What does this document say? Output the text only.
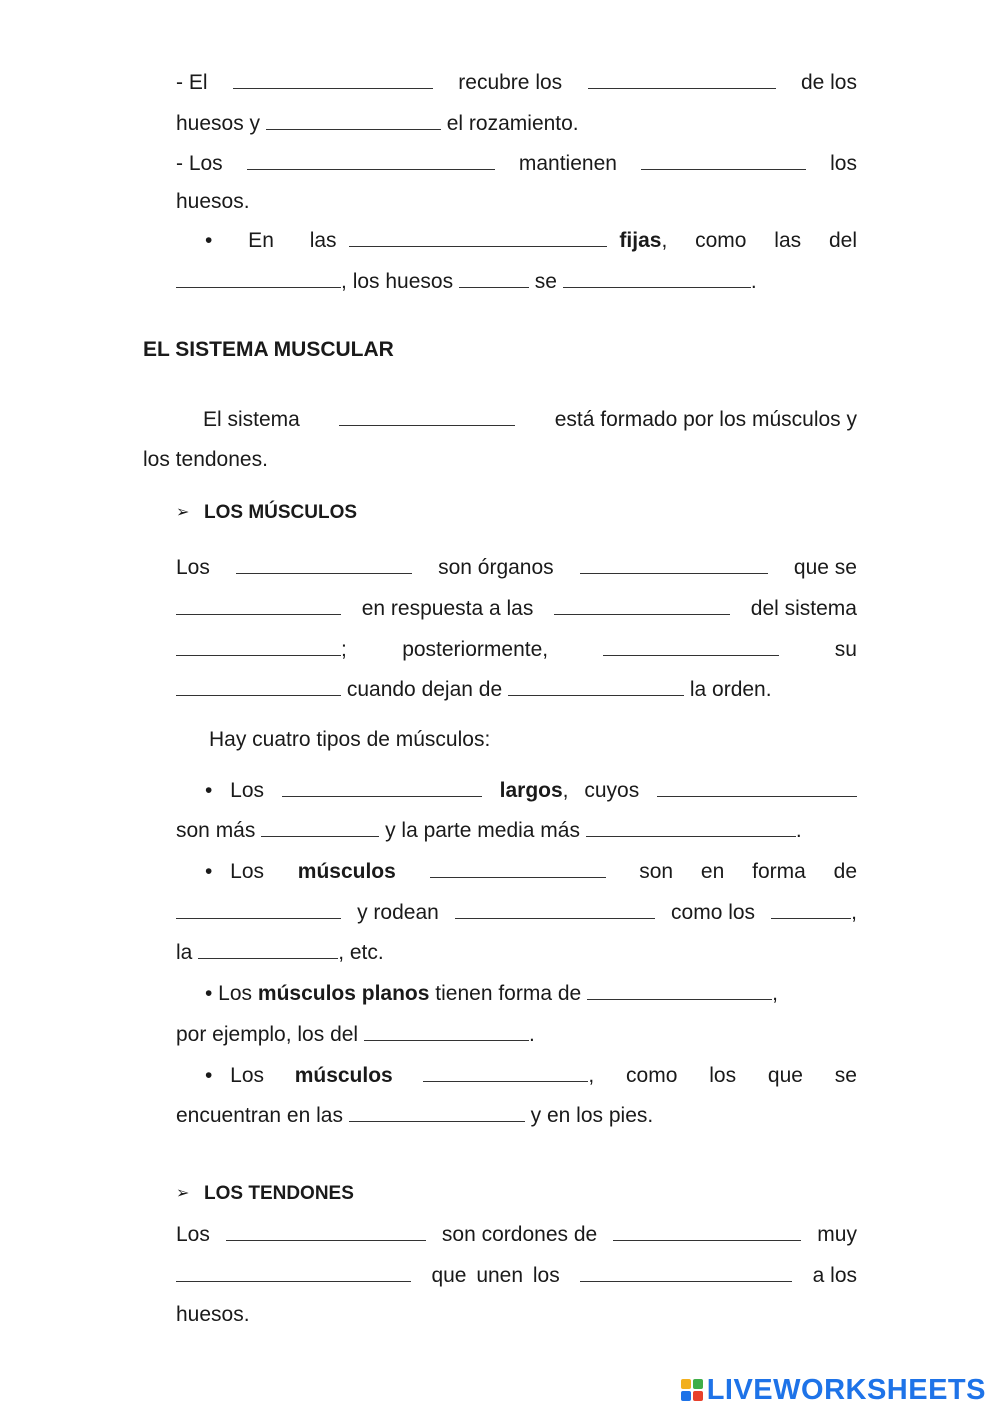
- El	recubre los	de los
huesos y	el rozamiento.
- Los	mantienen	los
huesos.
• En las	fijas, como las del
, los huesos	se	.
EL SISTEMA MUSCULAR
El sistema	está formado por los músculos y
los tendones.
➢ LOS MÚSCULOS
Los	son órganos	que se
en respuesta a las	del sistema
;	posteriormente,	su
cuando dejan de	la orden.
Hay cuatro tipos de músculos:
• Los	largos, cuyos
son más	y la parte media más	.
• Los músculos	son en forma de
y rodean	como los	,
la	, etc.
• Los músculos planos tienen forma de	,
por ejemplo, los del	.
• Los músculos	, como los que se
encuentran en las	y en los pies.
➢ LOS TENDONES
Los	son cordones de	muy
que unen los	a los
huesos.
LIVEWORKSHEETS
